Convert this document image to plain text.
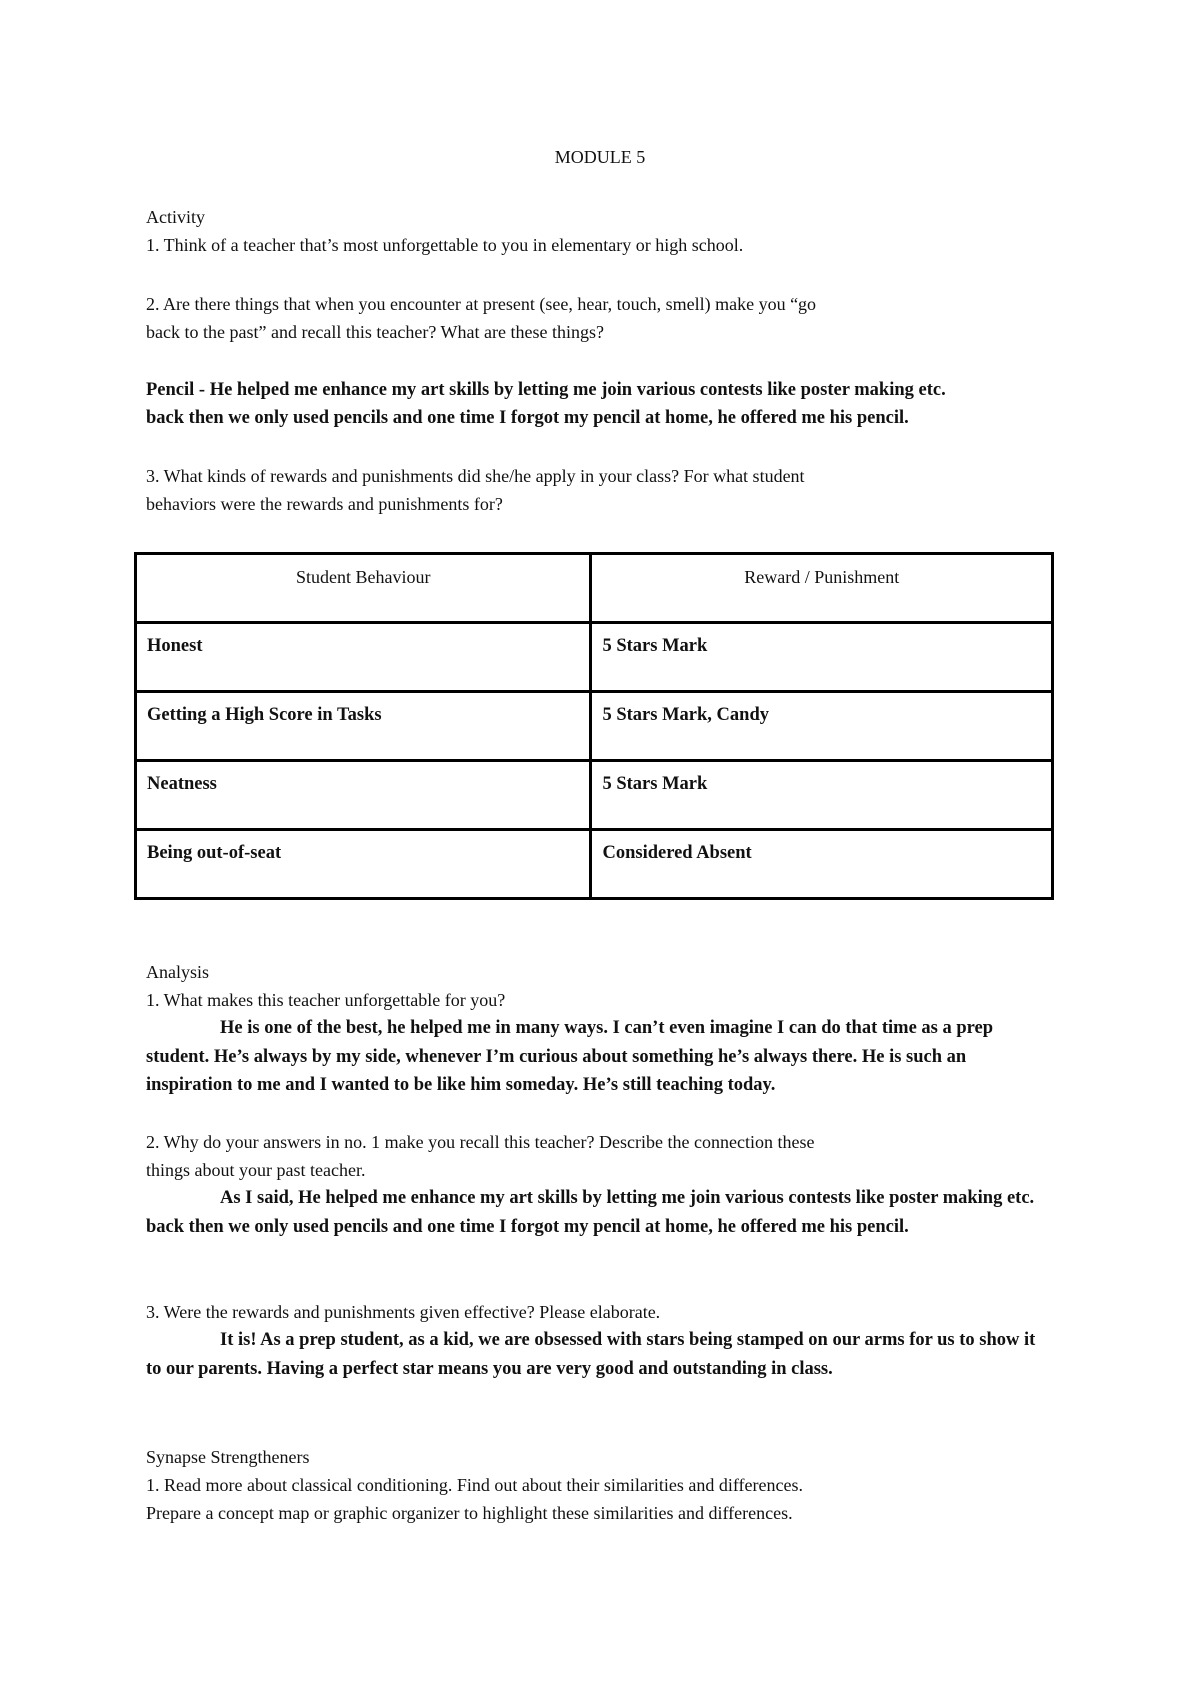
MODULE 5
Activity
1. Think of a teacher that’s most unforgettable to you in elementary or high school.
2. Are there things that when you encounter at present (see, hear, touch, smell) make you “go
back to the past” and recall this teacher? What are these things?
Pencil - He helped me enhance my art skills by letting me join various contests like poster making etc.
back then we only used pencils and one time I forgot my pencil at home, he offered me his pencil.
3. What kinds of rewards and punishments did she/he apply in your class? For what student
behaviors were the rewards and punishments for?
Student Behaviour	Reward / Punishment
Honest	5 Stars Mark
Getting a High Score in Tasks	5 Stars Mark, Candy
Neatness	5 Stars Mark
Being out-of-seat	Considered Absent
Analysis
1. What makes this teacher unforgettable for you?
He is one of the best, he helped me in many ways. I can’t even imagine I can do that time as a prep student. He’s always by my side, whenever I’m curious about something he’s always there. He is such an inspiration to me and I wanted to be like him someday. He’s still teaching today.
2. Why do your answers in no. 1 make you recall this teacher? Describe the connection these
things about your past teacher.
As I said, He helped me enhance my art skills by letting me join various contests like poster making etc. back then we only used pencils and one time I forgot my pencil at home, he offered me his pencil.
3. Were the rewards and punishments given effective? Please elaborate.
It is! As a prep student, as a kid, we are obsessed with stars being stamped on our arms for us to show it to our parents. Having a perfect star means you are very good and outstanding in class.
Synapse Strengtheners
1. Read more about classical conditioning. Find out about their similarities and differences.
Prepare a concept map or graphic organizer to highlight these similarities and differences.
